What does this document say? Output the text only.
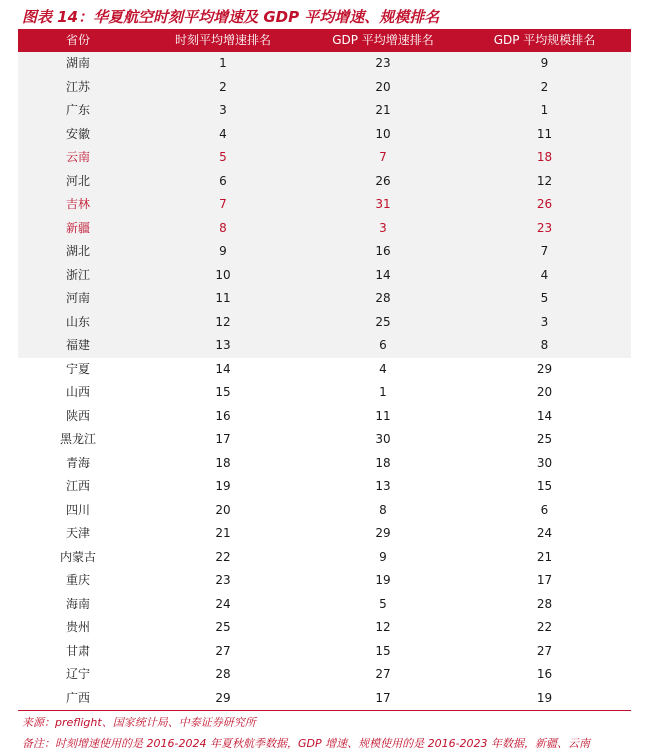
图表 14：华夏航空时刻平均增速及 GDP 平均增速、规模排名
省份	时刻平均增速排名	GDP 平均增速排名	GDP 平均规模排名
湖南	1	23	9
江苏	2	20	2
广东	3	21	1
安徽	4	10	11
云南	5	7	18
河北	6	26	12
吉林	7	31	26
新疆	8	3	23
湖北	9	16	7
浙江	10	14	4
河南	11	28	5
山东	12	25	3
福建	13	6	8
宁夏	14	4	29
山西	15	1	20
陕西	16	11	14
黑龙江	17	30	25
青海	18	18	30
江西	19	13	15
四川	20	8	6
天津	21	29	24
内蒙古	22	9	21
重庆	23	19	17
海南	24	5	28
贵州	25	12	22
甘肃	27	15	27
辽宁	28	27	16
广西	29	17	19
来源：preflight、国家统计局、中泰证券研究所
备注：时刻增速使用的是 2016-2024 年夏秋航季数据，GDP 增速、规模使用的是 2016-2023 年数据，新疆、云南
